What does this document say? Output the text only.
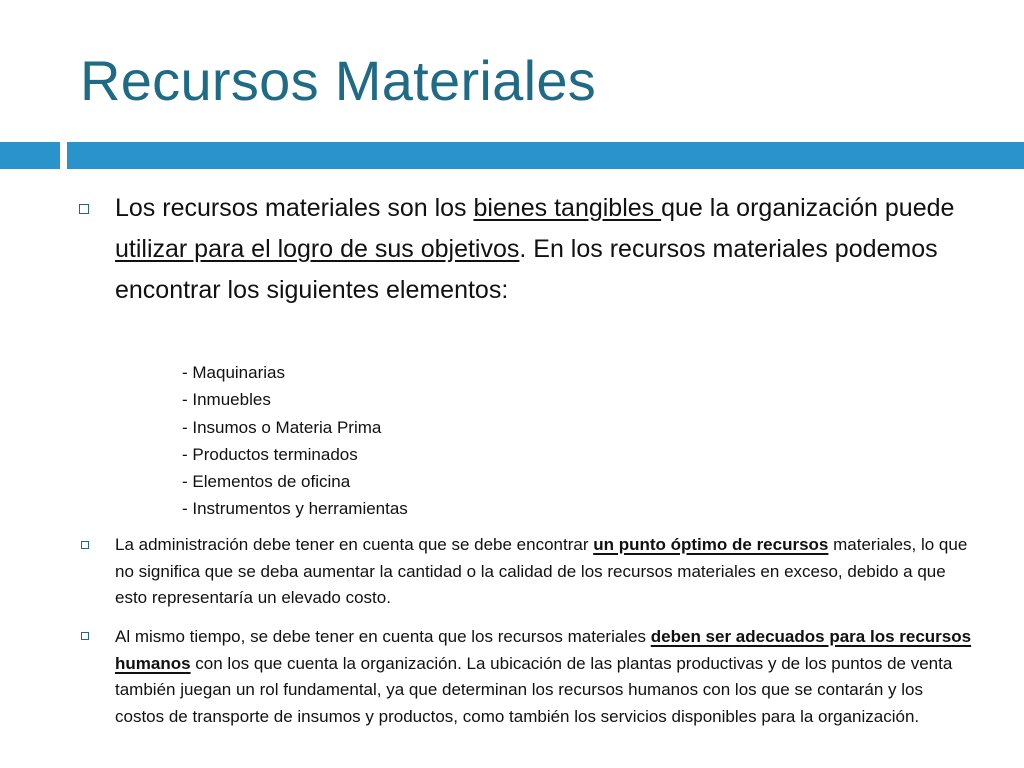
Recursos Materiales
Los recursos materiales son los bienes tangibles que la organización puede utilizar para el logro de sus objetivos. En los recursos materiales podemos encontrar los siguientes elementos:
- Maquinarias
- Inmuebles
- Insumos o Materia Prima
- Productos terminados
- Elementos de oficina
- Instrumentos y herramientas
La administración debe tener en cuenta que se debe encontrar un punto óptimo de recursos materiales, lo que no significa que se deba aumentar la cantidad o la calidad de los recursos materiales en exceso, debido a que esto representaría un elevado costo.
Al mismo tiempo, se debe tener en cuenta que los recursos materiales deben ser adecuados para los recursos humanos con los que cuenta la organización. La ubicación de las plantas productivas y de los puntos de venta también juegan un rol fundamental, ya que determinan los recursos humanos con los que se contarán y los costos de transporte de insumos y productos, como también los servicios disponibles para la organización.
